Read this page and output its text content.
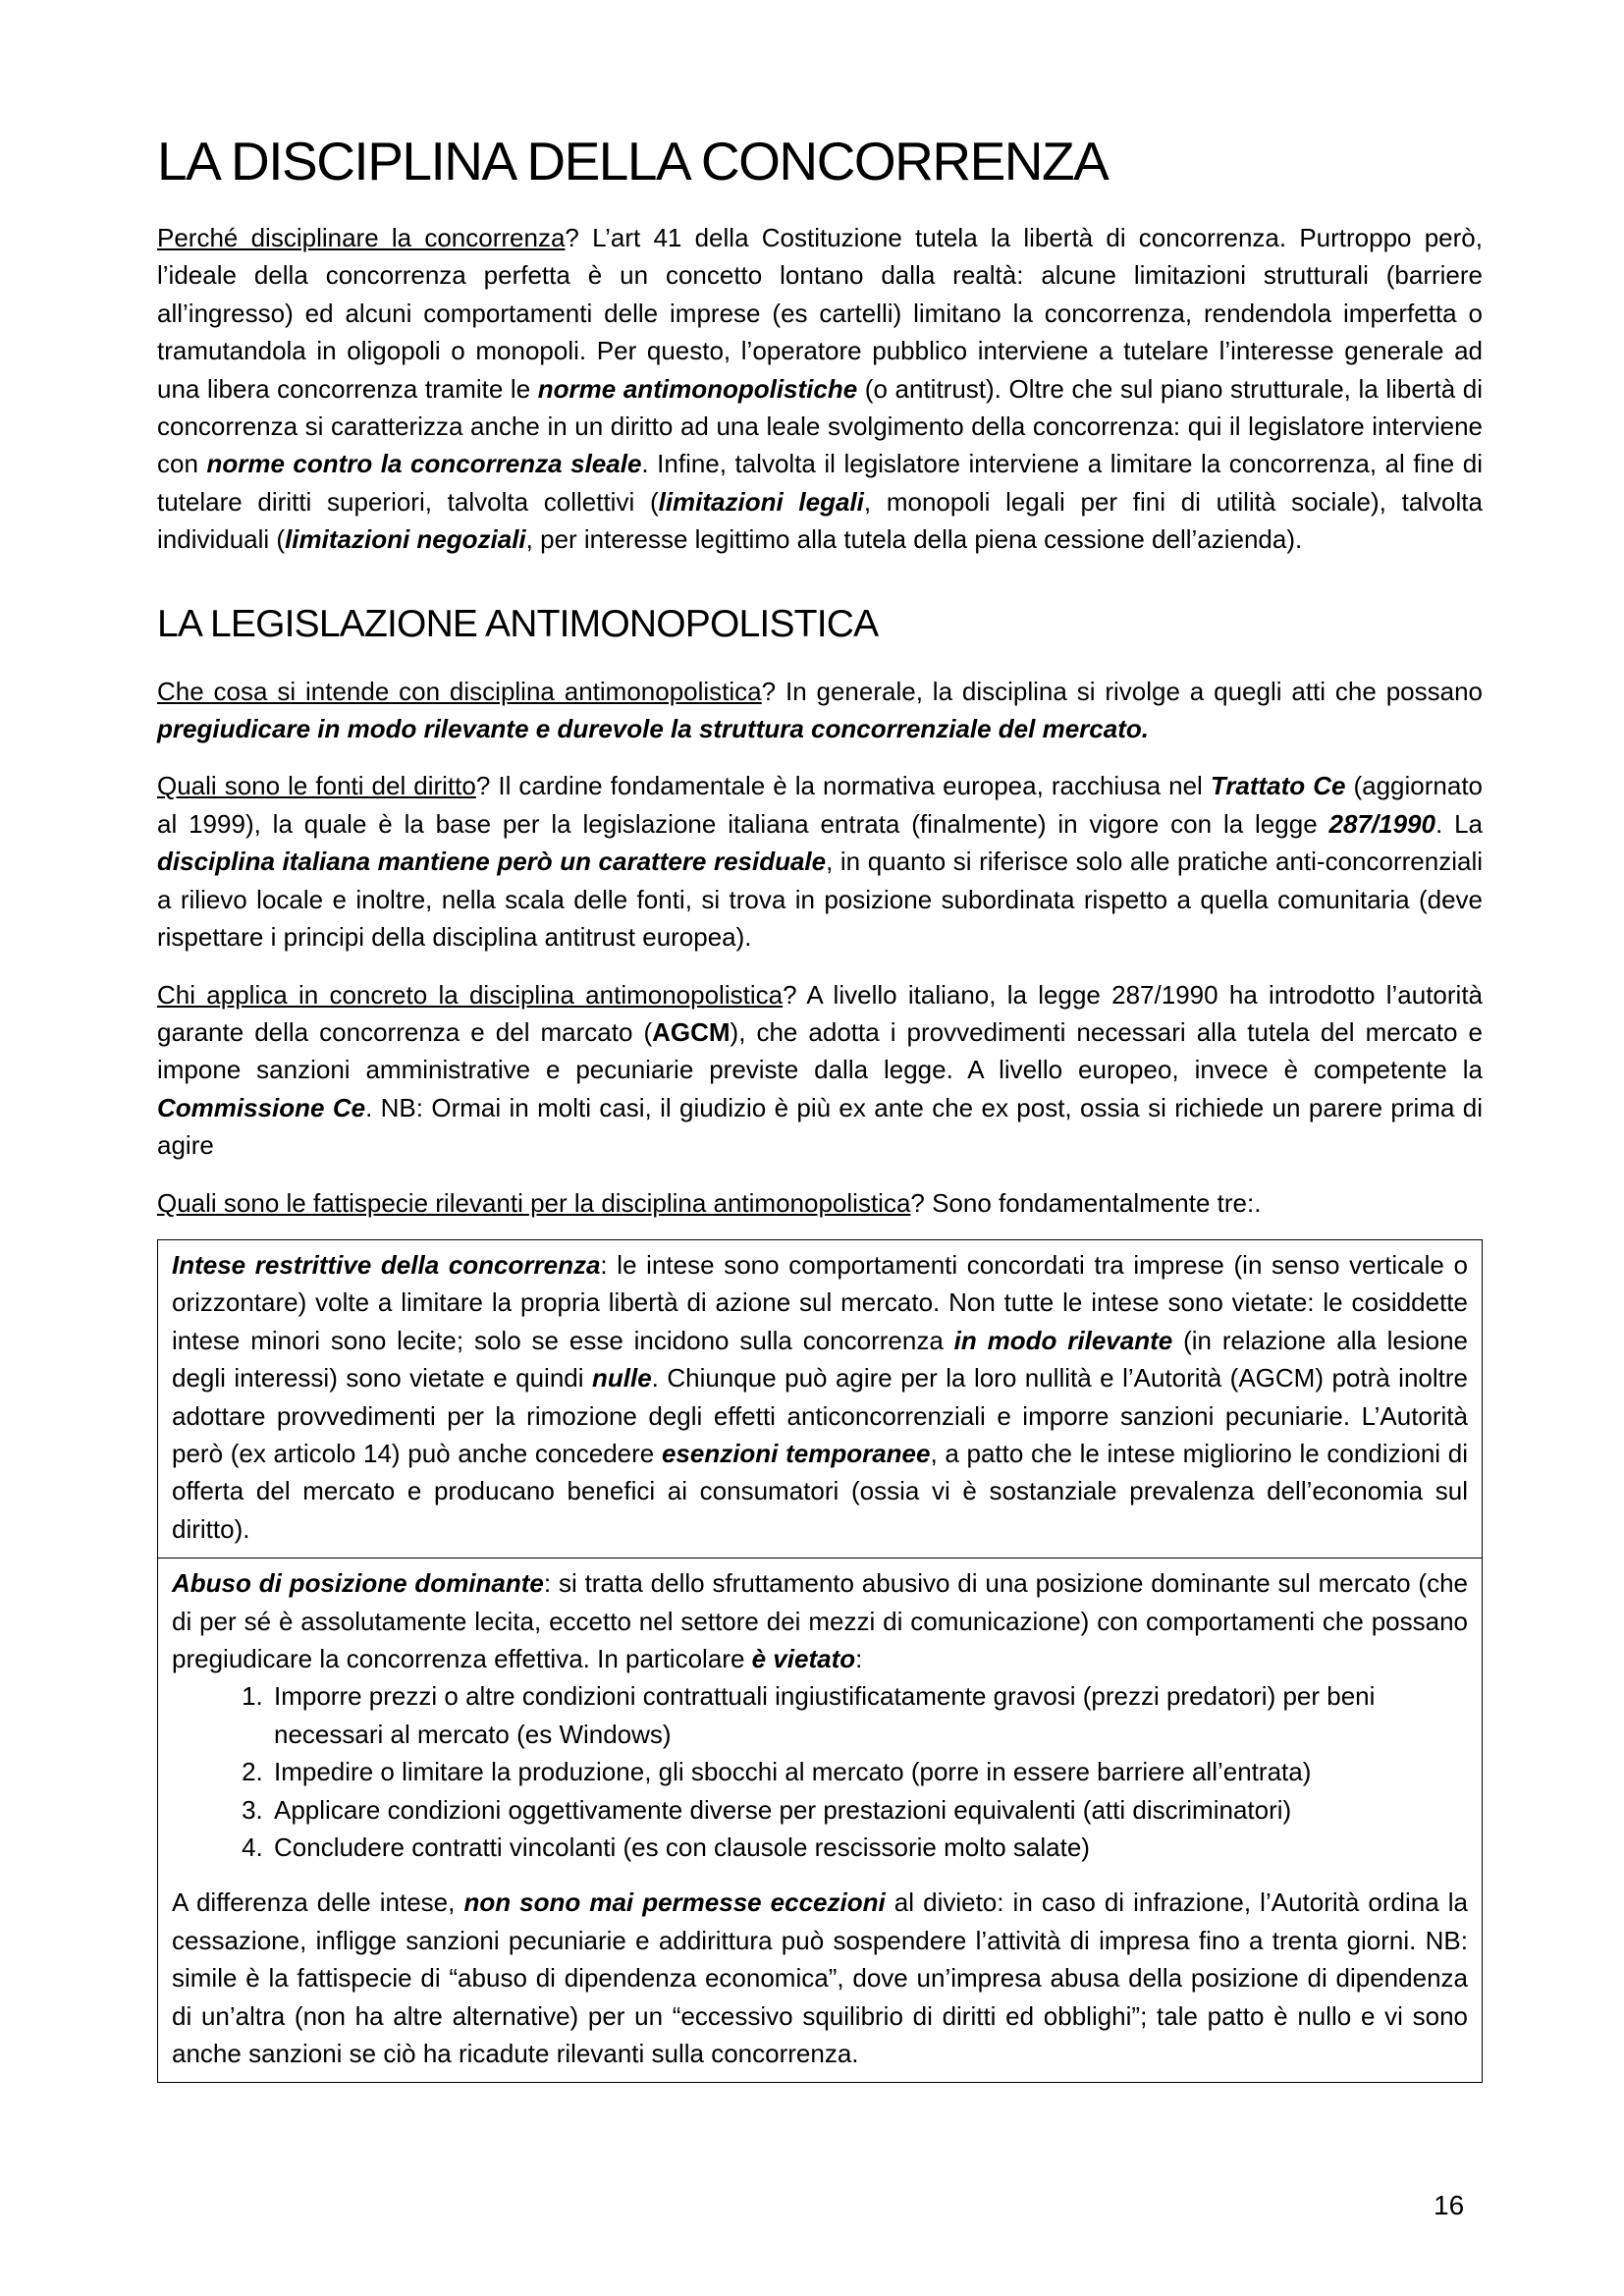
LA DISCIPLINA DELLA CONCORRENZA

Perché disciplinare la concorrenza? L’art 41 della Costituzione tutela la libertà di concorrenza. Purtroppo però, l’ideale della concorrenza perfetta è un concetto lontano dalla realtà: alcune limitazioni strutturali (barriere all’ingresso) ed alcuni comportamenti delle imprese (es cartelli) limitano la concorrenza, rendendola imperfetta o tramutandola in oligopoli o monopoli. Per questo, l’operatore pubblico interviene a tutelare l’interesse generale ad una libera concorrenza tramite le norme antimonopolistiche (o antitrust). Oltre che sul piano strutturale, la libertà di concorrenza si caratterizza anche in un diritto ad una leale svolgimento della concorrenza: qui il legislatore interviene con norme contro la concorrenza sleale. Infine, talvolta il legislatore interviene a limitare la concorrenza, al fine di tutelare diritti superiori, talvolta collettivi (limitazioni legali, monopoli legali per fini di utilità sociale), talvolta individuali (limitazioni negoziali, per interesse legittimo alla tutela della piena cessione dell’azienda).

LA LEGISLAZIONE ANTIMONOPOLISTICA

Che cosa si intende con disciplina antimonopolistica? In generale, la disciplina si rivolge a quegli atti che possano pregiudicare in modo rilevante e durevole la struttura concorrenziale del mercato.

Quali sono le fonti del diritto? Il cardine fondamentale è la normativa europea, racchiusa nel Trattato Ce (aggiornato al 1999), la quale è la base per la legislazione italiana entrata (finalmente) in vigore con la legge 287/1990. La disciplina italiana mantiene però un carattere residuale, in quanto si riferisce solo alle pratiche anti-concorrenziali a rilievo locale e inoltre, nella scala delle fonti, si trova in posizione subordinata rispetto a quella comunitaria (deve rispettare i principi della disciplina antitrust europea).

Chi applica in concreto la disciplina antimonopolistica? A livello italiano, la legge 287/1990 ha introdotto l’autorità garante della concorrenza e del marcato (AGCM), che adotta i provvedimenti necessari alla tutela del mercato e impone sanzioni amministrative e pecuniarie previste dalla legge. A livello europeo, invece è competente la Commissione Ce. NB: Ormai in molti casi, il giudizio è più ex ante che ex post, ossia si richiede un parere prima di agire

Quali sono le fattispecie rilevanti per la disciplina antimonopolistica? Sono fondamentalmente tre:.

Intese restrittive della concorrenza: le intese sono comportamenti concordati tra imprese (in senso verticale o orizzontare) volte a limitare la propria libertà di azione sul mercato. Non tutte le intese sono vietate: le cosiddette intese minori sono lecite; solo se esse incidono sulla concorrenza in modo rilevante (in relazione alla lesione degli interessi) sono vietate e quindi nulle. Chiunque può agire per la loro nullità e l’Autorità (AGCM) potrà inoltre adottare provvedimenti per la rimozione degli effetti anticoncorrenziali e imporre sanzioni pecuniarie. L’Autorità però (ex articolo 14) può anche concedere esenzioni temporanee, a patto che le intese migliorino le condizioni di offerta del mercato e producano benefici ai consumatori (ossia vi è sostanziale prevalenza dell’economia sul diritto).

Abuso di posizione dominante: si tratta dello sfruttamento abusivo di una posizione dominante sul mercato (che di per sé è assolutamente lecita, eccetto nel settore dei mezzi di comunicazione) con comportamenti che possano pregiudicare la concorrenza effettiva. In particolare è vietato:

1. Imporre prezzi o altre condizioni contrattuali ingiustificatamente gravosi (prezzi predatori) per beni necessari al mercato (es Windows)
2. Impedire o limitare la produzione, gli sbocchi al mercato (porre in essere barriere all’entrata)
3. Applicare condizioni oggettivamente diverse per prestazioni equivalenti (atti discriminatori)
4. Concludere contratti vincolanti (es con clausole rescissorie molto salate)

A differenza delle intese, non sono mai permesse eccezioni al divieto: in caso di infrazione, l’Autorità ordina la cessazione, infligge sanzioni pecuniarie e addirittura può sospendere l’attività di impresa fino a trenta giorni. NB: simile è la fattispecie di “abuso di dipendenza economica”, dove un’impresa abusa della posizione di dipendenza di un’altra (non ha altre alternative) per un “eccessivo squilibrio di diritti ed obblighi”; tale patto è nullo e vi sono anche sanzioni se ciò ha ricadute rilevanti sulla concorrenza.

16
